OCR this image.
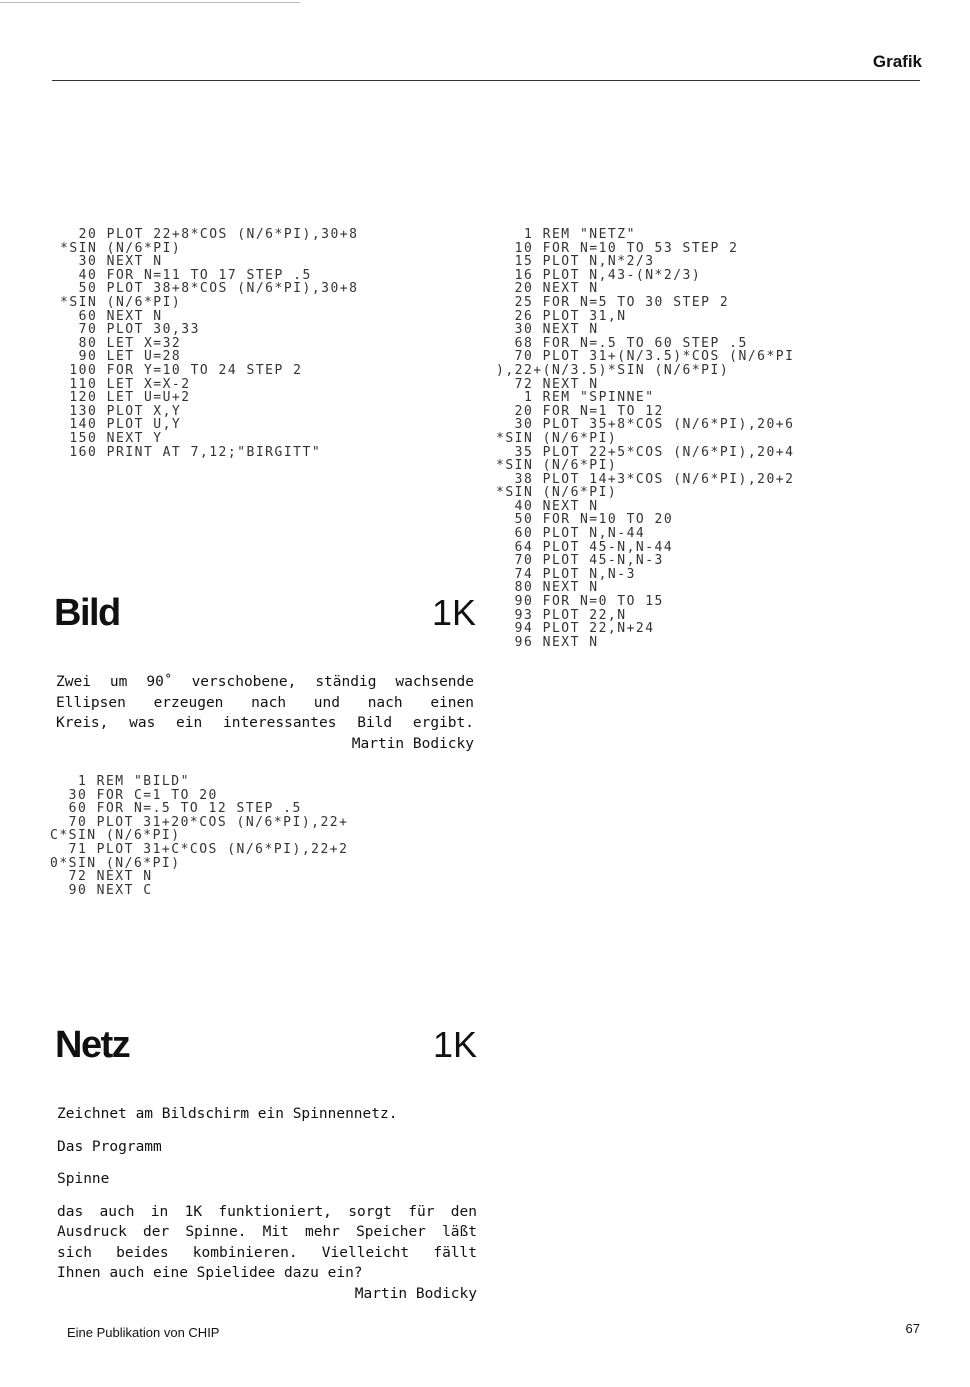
Grafik
20 PLOT 22+8*COS (N/6*PI),30+8
*SIN (N/6*PI)
30 NEXT N
40 FOR N=11 TO 17 STEP .5
50 PLOT 38+8*COS (N/6*PI),30+8
*SIN (N/6*PI)
60 NEXT N
70 PLOT 30,33
80 LET X=32
90 LET U=28
100 FOR Y=10 TO 24 STEP 2
110 LET X=X-2
120 LET U=U+2
130 PLOT X,Y
140 PLOT U,Y
150 NEXT Y
160 PRINT AT 7,12;"BIRGITT"
1 REM "NETZ"
10 FOR N=10 TO 53 STEP 2
15 PLOT N,N*2/3
16 PLOT N,43-(N*2/3)
20 NEXT N
25 FOR N=5 TO 30 STEP 2
26 PLOT 31,N
30 NEXT N
68 FOR N=.5 TO 60 STEP .5
70 PLOT 31+(N/3.5)*COS (N/6*PI
),22+(N/3.5)*SIN (N/6*PI)
72 NEXT N
1 REM "SPINNE"
20 FOR N=1 TO 12
30 PLOT 35+8*COS (N/6*PI),20+6
*SIN (N/6*PI)
35 PLOT 22+5*COS (N/6*PI),20+4
*SIN (N/6*PI)
38 PLOT 14+3*COS (N/6*PI),20+2
*SIN (N/6*PI)
40 NEXT N
50 FOR N=10 TO 20
60 PLOT N,N-44
64 PLOT 45-N,N-44
70 PLOT 45-N,N-3
74 PLOT N,N-3
80 NEXT N
90 FOR N=0 TO 15
93 PLOT 22,N
94 PLOT 22,N+24
96 NEXT N
Bild	1K

Zwei um 90˚ verschobene, ständig wachsende

Ellipsen erzeugen nach und nach einen

Kreis, was ein interessantes Bild ergibt.

Martin Bodicky

1 REM "BILD"
30 FOR C=1 TO 20
60 FOR N=.5 TO 12 STEP .5
70 PLOT 31+20*COS (N/6*PI),22+
C*SIN (N/6*PI)
71 PLOT 31+C*COS (N/6*PI),22+2
0*SIN (N/6*PI)
72 NEXT N
90 NEXT C
Netz	1K

Zeichnet am Bildschirm ein Spinnennetz.

Das Programm

Spinne

das auch in 1K funktioniert, sorgt für den

Ausdruck der Spinne. Mit mehr Speicher läßt

sich beides kombinieren. Vielleicht fällt

Ihnen auch eine Spielidee dazu ein?

Martin Bodicky

Eine Publikation von CHIP	67
